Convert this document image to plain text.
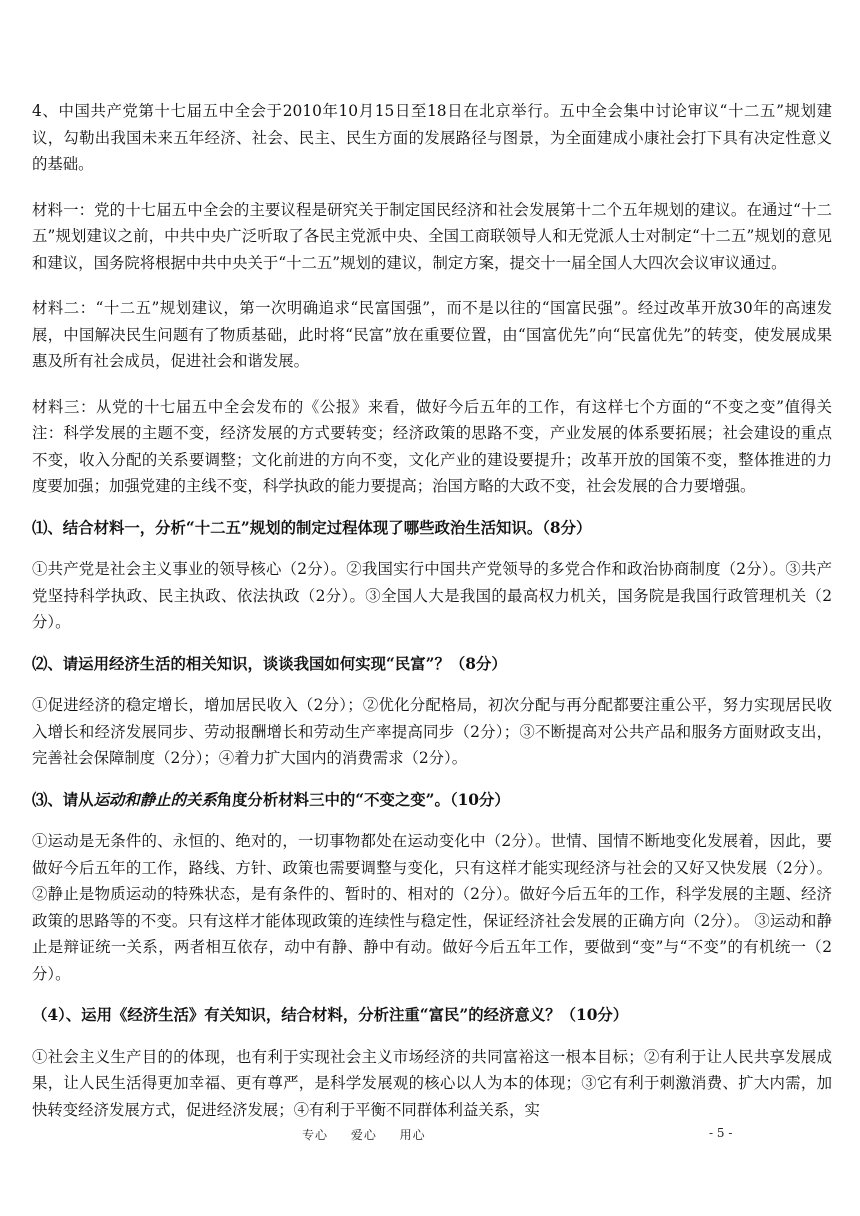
4、中国共产党第十七届五中全会于2010年10月15日至18日在北京举行。五中全会集中讨论审议“十二五”规划建议，勾勒出我国未来五年经济、社会、民主、民生方面的发展路径与图景，为全面建成小康社会打下具有决定性意义的基础。

材料一：党的十七届五中全会的主要议程是研究关于制定国民经济和社会发展第十二个五年规划的建议。在通过“十二五”规划建议之前，中共中央广泛听取了各民主党派中央、全国工商联领导人和无党派人士对制定“十二五”规划的意见和建议，国务院将根据中共中央关于“十二五”规划的建议，制定方案，提交十一届全国人大四次会议审议通过。

材料二：“十二五”规划建议，第一次明确追求“民富国强”，而不是以往的“国富民强”。经过改革开放30年的高速发展，中国解决民生问题有了物质基础，此时将“民富”放在重要位置，由“国富优先”向“民富优先”的转变，使发展成果惠及所有社会成员，促进社会和谐发展。

材料三：从党的十七届五中全会发布的《公报》来看，做好今后五年的工作，有这样七个方面的“不变之变”值得关注：科学发展的主题不变，经济发展的方式要转变；经济政策的思路不变，产业发展的体系要拓展；社会建设的重点不变，收入分配的关系要调整；文化前进的方向不变，文化产业的建设要提升；改革开放的国策不变，整体推进的力度要加强；加强党建的主线不变，科学执政的能力要提高；治国方略的大政不变，社会发展的合力要增强。

⑴、结合材料一，分析“十二五”规划的制定过程体现了哪些政治生活知识。（8分）

①共产党是社会主义事业的领导核心（2分）。②我国实行中国共产党领导的多党合作和政治协商制度（2分）。③共产党坚持科学执政、民主执政、依法执政（2分）。③全国人大是我国的最高权力机关，国务院是我国行政管理机关（2分）。

⑵、请运用经济生活的相关知识，谈谈我国如何实现“民富”？（8分）

①促进经济的稳定增长，增加居民收入（2分）；②优化分配格局，初次分配与再分配都要注重公平，努力实现居民收入增长和经济发展同步、劳动报酬增长和劳动生产率提高同步（2分）；③不断提高对公共产品和服务方面财政支出，完善社会保障制度（2分）；④着力扩大国内的消费需求（2分）。

⑶、请从运动和静止的关系角度分析材料三中的“不变之变”。（10分）

①运动是无条件的、永恒的、绝对的，一切事物都处在运动变化中（2分）。世情、国情不断地变化发展着，因此，要做好今后五年的工作，路线、方针、政策也需要调整与变化，只有这样才能实现经济与社会的又好又快发展（2分）。②静止是物质运动的特殊状态，是有条件的、暂时的、相对的（2分）。做好今后五年的工作，科学发展的主题、经济政策的思路等的不变。只有这样才能体现政策的连续性与稳定性，保证经济社会发展的正确方向（2分）。 ③运动和静止是辩证统一关系，两者相互依存，动中有静、静中有动。做好今后五年工作，要做到“变”与“不变”的有机统一（2分）。

（4）、运用《经济生活》有关知识，结合材料，分析注重“富民”的经济意义？（10分）

①社会主义生产目的的体现，也有利于实现社会主义市场经济的共同富裕这一根本目标；②有利于让人民共享发展成果，让人民生活得更加幸福、更有尊严，是科学发展观的核心以人为本的体现；③它有利于刺激消费、扩大内需，加快转变经济发展方式，促进经济发展；④有利于平衡不同群体利益关系，实

专心 爱心 用心	- 5 -
